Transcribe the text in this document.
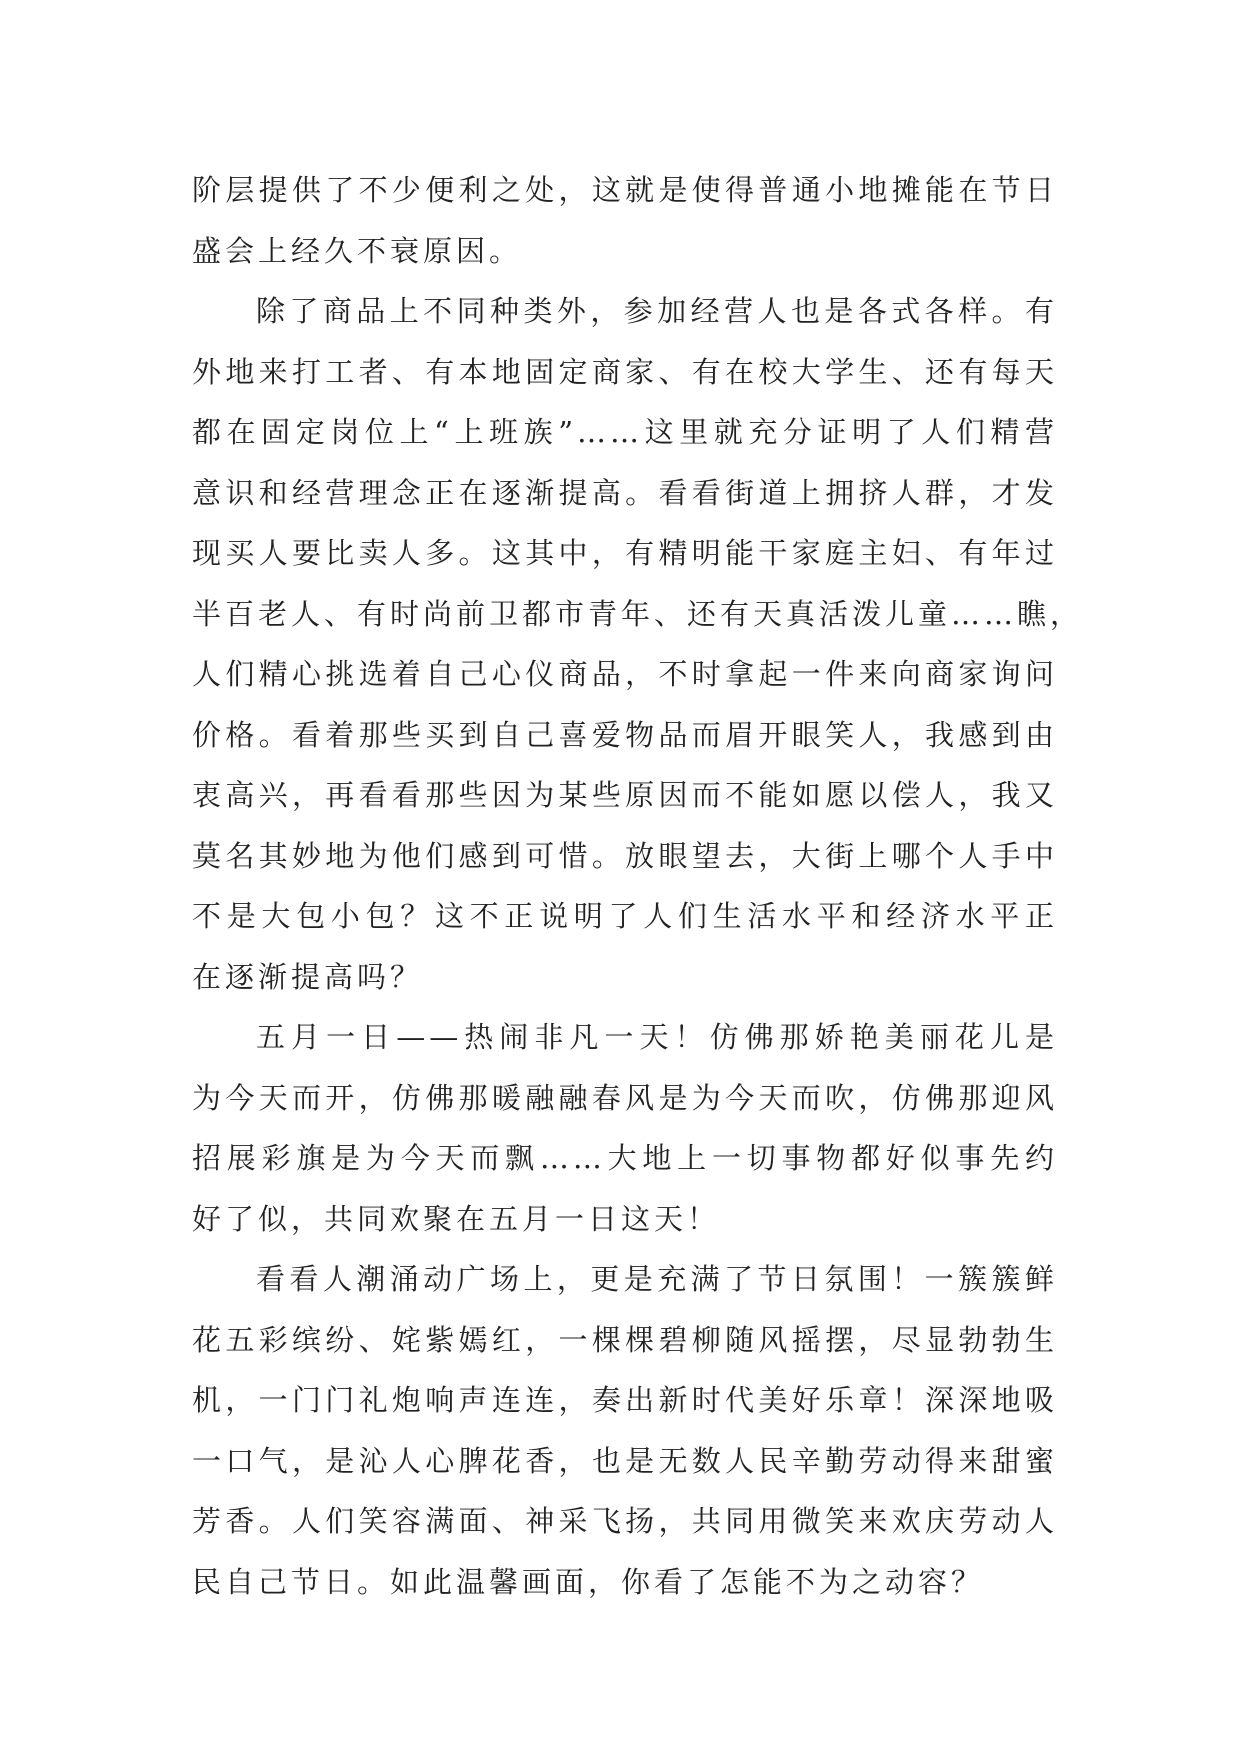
阶层提供了不少便利之处，这就是使得普通小地摊能在节日
盛会上经久不衰原因。
除了商品上不同种类外，参加经营人也是各式各样。有
外地来打工者、有本地固定商家、有在校大学生、还有每天
都在固定岗位上“上班族”……这里就充分证明了人们精营
意识和经营理念正在逐渐提高。看看街道上拥挤人群，才发
现买人要比卖人多。这其中，有精明能干家庭主妇、有年过
半百老人、有时尚前卫都市青年、还有天真活泼儿童……瞧，
人们精心挑选着自己心仪商品，不时拿起一件来向商家询问
价格。看着那些买到自己喜爱物品而眉开眼笑人，我感到由
衷高兴，再看看那些因为某些原因而不能如愿以偿人，我又
莫名其妙地为他们感到可惜。放眼望去，大街上哪个人手中
不是大包小包？这不正说明了人们生活水平和经济水平正
在逐渐提高吗？
五月一日——热闹非凡一天！仿佛那娇艳美丽花儿是
为今天而开，仿佛那暖融融春风是为今天而吹，仿佛那迎风
招展彩旗是为今天而飘……大地上一切事物都好似事先约
好了似，共同欢聚在五月一日这天！
看看人潮涌动广场上，更是充满了节日氛围！一簇簇鲜
花五彩缤纷、姹紫嫣红，一棵棵碧柳随风摇摆，尽显勃勃生
机，一门门礼炮响声连连，奏出新时代美好乐章！深深地吸
一口气，是沁人心脾花香，也是无数人民辛勤劳动得来甜蜜
芳香。人们笑容满面、神采飞扬，共同用微笑来欢庆劳动人
民自己节日。如此温馨画面，你看了怎能不为之动容？
